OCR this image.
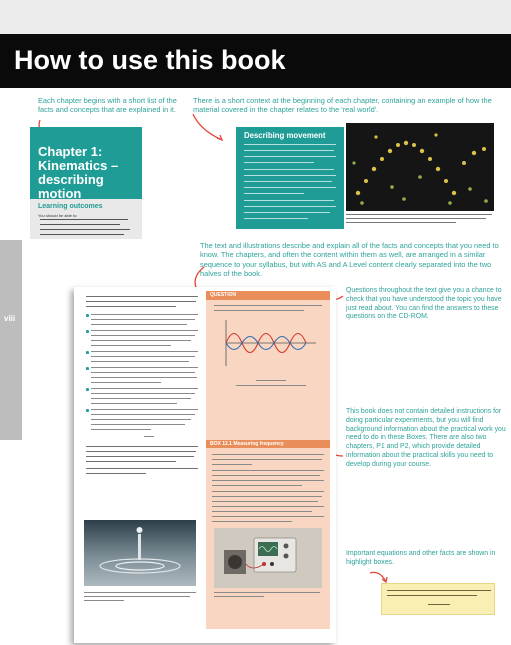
How to use this book
viii
Each chapter begins with a short list of the facts and concepts that are explained in it.
There is a short context at the beginning of each chapter, containing an example of how the material covered in the chapter relates to the 'real world'.
The text and illustrations describe and explain all of the facts and concepts that you need to know. The chapters, and often the content within them as well, are arranged in a similar sequence to your syllabus, but with AS and A Level content clearly separated into the two halves of the book.
Questions throughout the text give you a chance to check that you have understood the topic you have just read about. You can find the answers to these questions on the CD-ROM.
This book does not contain detailed instructions for doing particular experiments, but you will find background information about the practical work you need to do in these Boxes. There are also two chapters, P1 and P2, which provide detailed information about the practical skills you need to develop during your course.
Important equations and other facts are shown in highlight boxes.
Chapter 1:
Kinematics – describing motion
Learning outcomes
You should be able to:
Describing movement
QUESTION
BOX 12.1 Measuring frequency
